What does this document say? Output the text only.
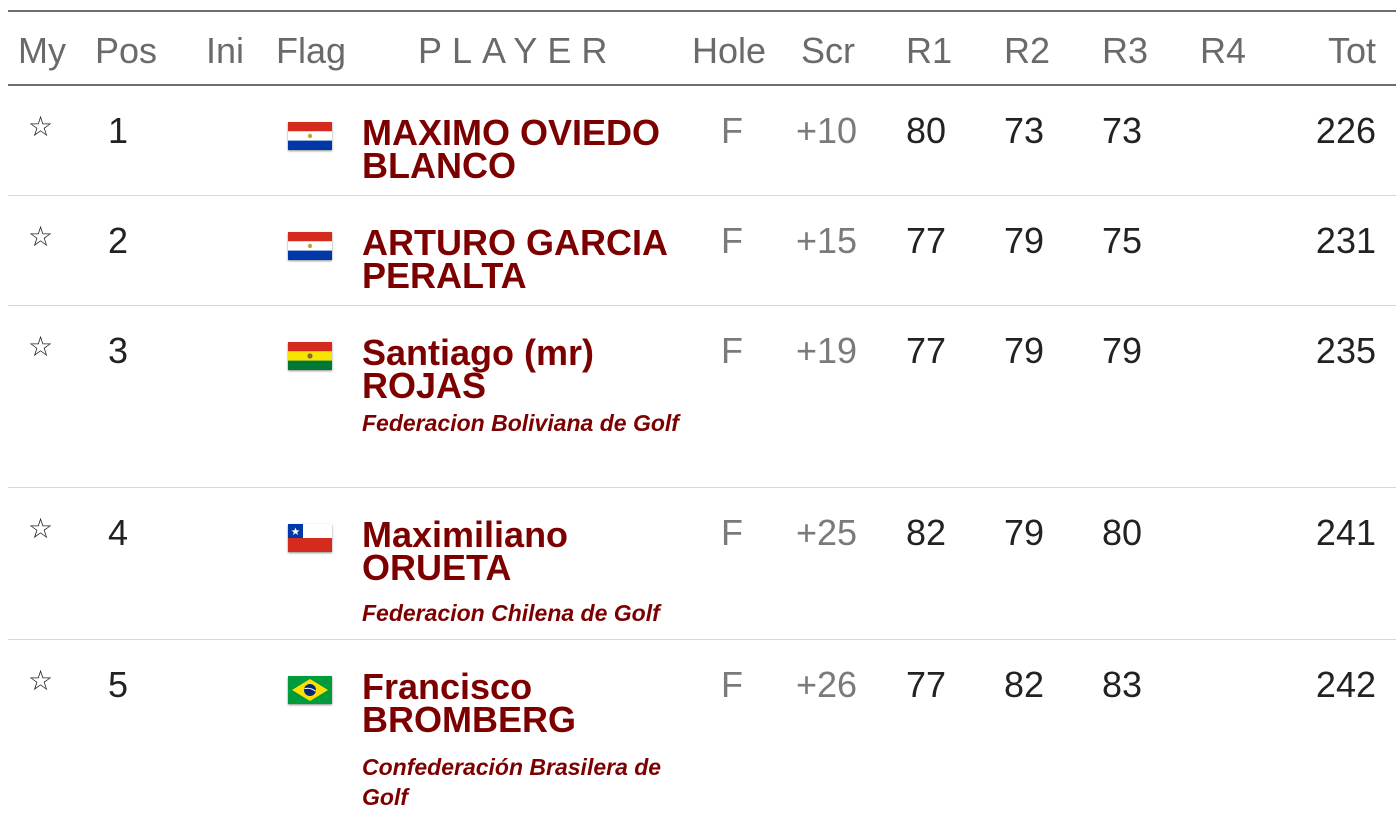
My Pos Ini Flag PLAYER Hole Scr R1 R2 R3 R4 Tot
☆ 1	MAXIMO OVIEDO
BLANCO
F +10 80 73 73	226
☆ 2	ARTURO GARCIA
PERALTA
F +15 77 79 75	231
☆ 3	Santiago (mr)
ROJAS
Federacion Boliviana de Golf
F +19 77 79 79	235
☆ 4	Maximiliano
ORUETA
Federacion Chilena de Golf
F +25 82 79 80	241
☆ 5	Francisco
BROMBERG
Confederación Brasilera de Golf
F +26 77 82 83	242
